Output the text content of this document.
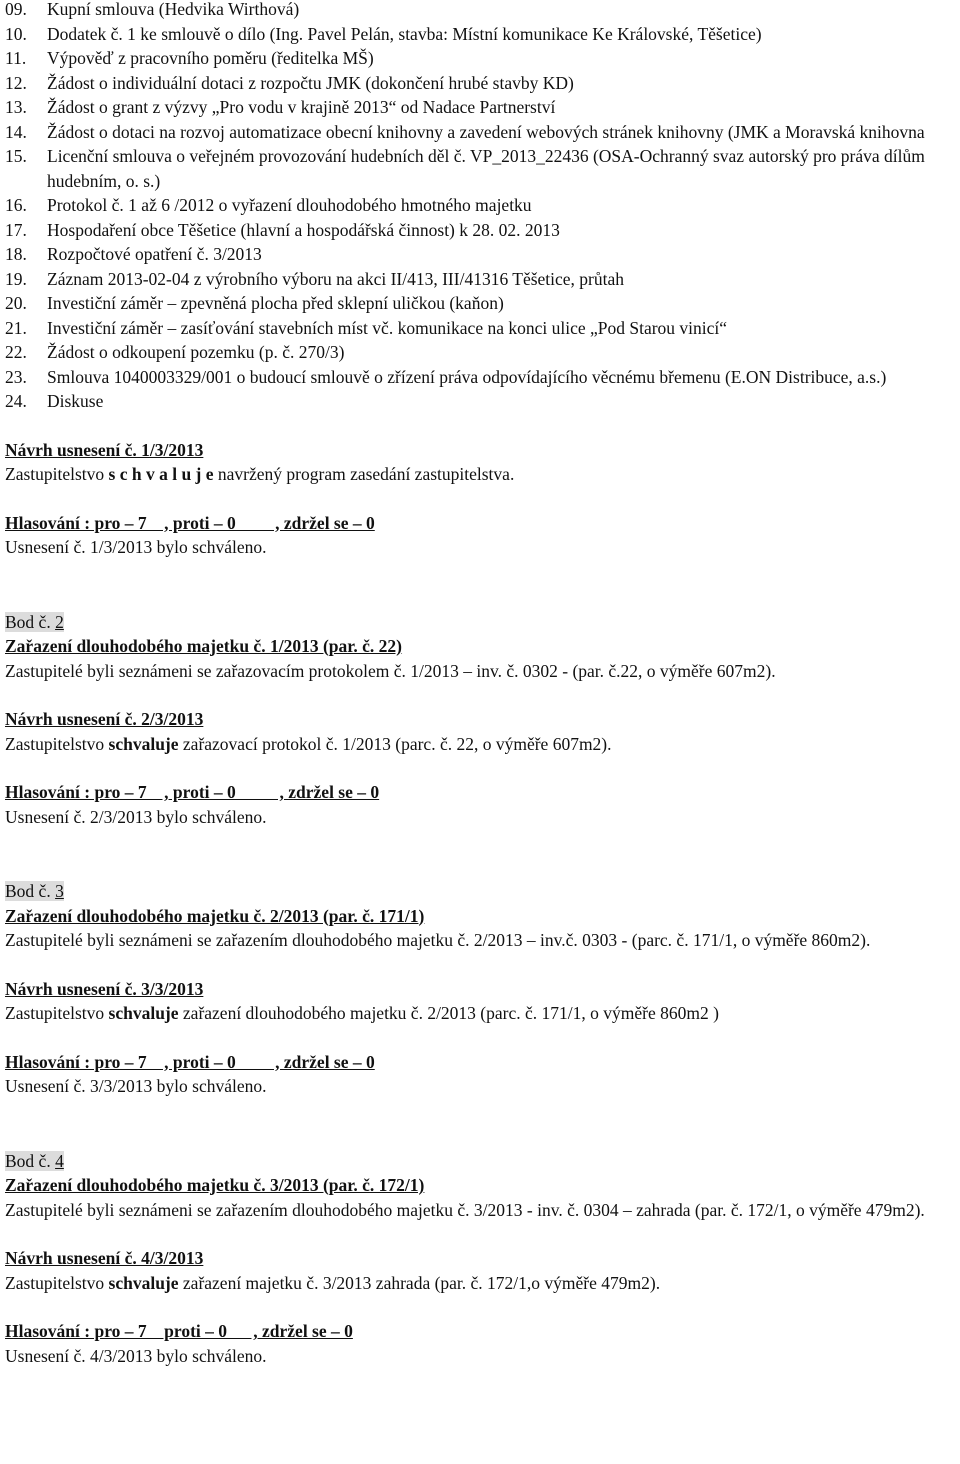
09.	Kupní smlouva (Hedvika Wirthová)
10.	Dodatek č. 1 ke smlouvě o dílo (Ing. Pavel Pelán, stavba: Místní komunikace Ke Královské, Těšetice)
11.	Výpověď z pracovního poměru (ředitelka MŠ)
12.	Žádost o individuální dotaci z rozpočtu JMK (dokončení hrubé stavby KD)
13.	Žádost o grant z výzvy „Pro vodu v krajině 2013“ od Nadace Partnerství
14.	Žádost o dotaci na rozvoj automatizace obecní knihovny a zavedení webových stránek knihovny (JMK a Moravská knihovna
15.	Licenční smlouva o veřejném provozování hudebních děl č. VP_2013_22436 (OSA-Ochranný svaz autorský pro práva dílům hudebním, o. s.)
16.	Protokol č. 1 až 6 /2012 o vyřazení dlouhodobého hmotného majetku
17.	Hospodaření obce Těšetice (hlavní a hospodářská činnost) k 28. 02. 2013
18.	Rozpočtové opatření č. 3/2013
19.	Záznam 2013-02-04 z výrobního výboru na akci II/413, III/41316 Těšetice, průtah
20.	Investiční záměr – zpevněná plocha před sklepní uličkou (kaňon)
21.	Investiční záměr – zasíťování stavebních míst vč. komunikace na konci ulice „Pod Starou vinicí“
22.	Žádost o odkoupení pozemku (p. č. 270/3)
23.	Smlouva 1040003329/001 o budoucí smlouvě o zřízení práva odpovídajícího věcnému břemenu (E.ON Distribuce, a.s.)
24.	Diskuse

Návrh usnesení č. 1/3/2013

Zastupitelstvo s c h v a l u j e navržený program zasedání zastupitelstva.

Hlasování : pro – 7    , proti – 0         , zdržel se – 0

Usnesení č. 1/3/2013 bylo schváleno.

Bod č. 2

Zařazení dlouhodobého majetku č. 1/2013 (par. č. 22)

Zastupitelé byli seznámeni se zařazovacím protokolem č. 1/2013 – inv. č. 0302 - (par. č.22, o výměře 607m2).

Návrh usnesení č. 2/3/2013

Zastupitelstvo schvaluje zařazovací protokol č. 1/2013 (parc. č. 22, o výměře 607m2).

Hlasování : pro – 7    , proti – 0          , zdržel se – 0

Usnesení č. 2/3/2013 bylo schváleno.

Bod č. 3

Zařazení dlouhodobého majetku č. 2/2013 (par. č. 171/1)

Zastupitelé byli seznámeni se zařazením dlouhodobého majetku č. 2/2013 – inv.č. 0303 - (parc. č. 171/1, o výměře 860m2).

Návrh usnesení č. 3/3/2013

Zastupitelstvo schvaluje zařazení dlouhodobého majetku č. 2/2013 (parc. č. 171/1, o výměře 860m2 )

Hlasování : pro – 7    , proti – 0         , zdržel se – 0

Usnesení č. 3/3/2013 bylo schváleno.

Bod č. 4

Zařazení dlouhodobého majetku č. 3/2013 (par. č. 172/1)

Zastupitelé byli seznámeni se zařazením dlouhodobého majetku č. 3/2013 - inv. č. 0304 – zahrada (par. č. 172/1, o výměře 479m2).

Návrh usnesení č. 4/3/2013

Zastupitelstvo schvaluje zařazení majetku č. 3/2013 zahrada (par. č. 172/1,o výměře 479m2).

Hlasování : pro – 7    proti – 0      , zdržel se – 0

Usnesení č. 4/3/2013 bylo schváleno.
